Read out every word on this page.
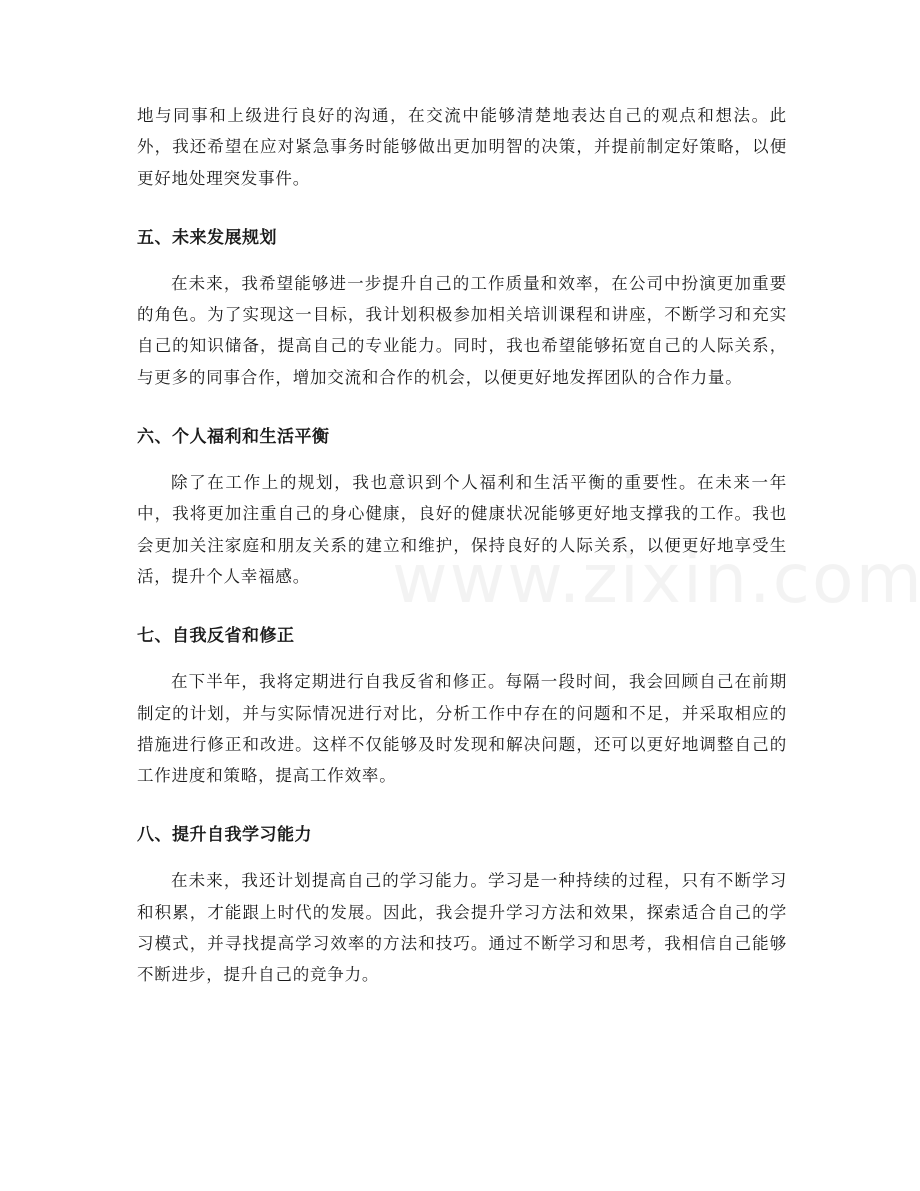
地与同事和上级进行良好的沟通，在交流中能够清楚地表达自己的观点和想法。此外，我还希望在应对紧急事务时能够做出更加明智的决策，并提前制定好策略，以便更好地处理突发事件。

五、未来发展规划

在未来，我希望能够进一步提升自己的工作质量和效率，在公司中扮演更加重要的角色。为了实现这一目标，我计划积极参加相关培训课程和讲座，不断学习和充实自己的知识储备，提高自己的专业能力。同时，我也希望能够拓宽自己的人际关系，与更多的同事合作，增加交流和合作的机会，以便更好地发挥团队的合作力量。

六、个人福利和生活平衡

除了在工作上的规划，我也意识到个人福利和生活平衡的重要性。在未来一年中，我将更加注重自己的身心健康，良好的健康状况能够更好地支撑我的工作。我也会更加关注家庭和朋友关系的建立和维护，保持良好的人际关系，以便更好地享受生活，提升个人幸福感。

七、自我反省和修正

在下半年，我将定期进行自我反省和修正。每隔一段时间，我会回顾自己在前期制定的计划，并与实际情况进行对比，分析工作中存在的问题和不足，并采取相应的措施进行修正和改进。这样不仅能够及时发现和解决问题，还可以更好地调整自己的工作进度和策略，提高工作效率。

八、提升自我学习能力

在未来，我还计划提高自己的学习能力。学习是一种持续的过程，只有不断学习和积累，才能跟上时代的发展。因此，我会提升学习方法和效果，探索适合自己的学习模式，并寻找提高学习效率的方法和技巧。通过不断学习和思考，我相信自己能够不断进步，提升自己的竞争力。
